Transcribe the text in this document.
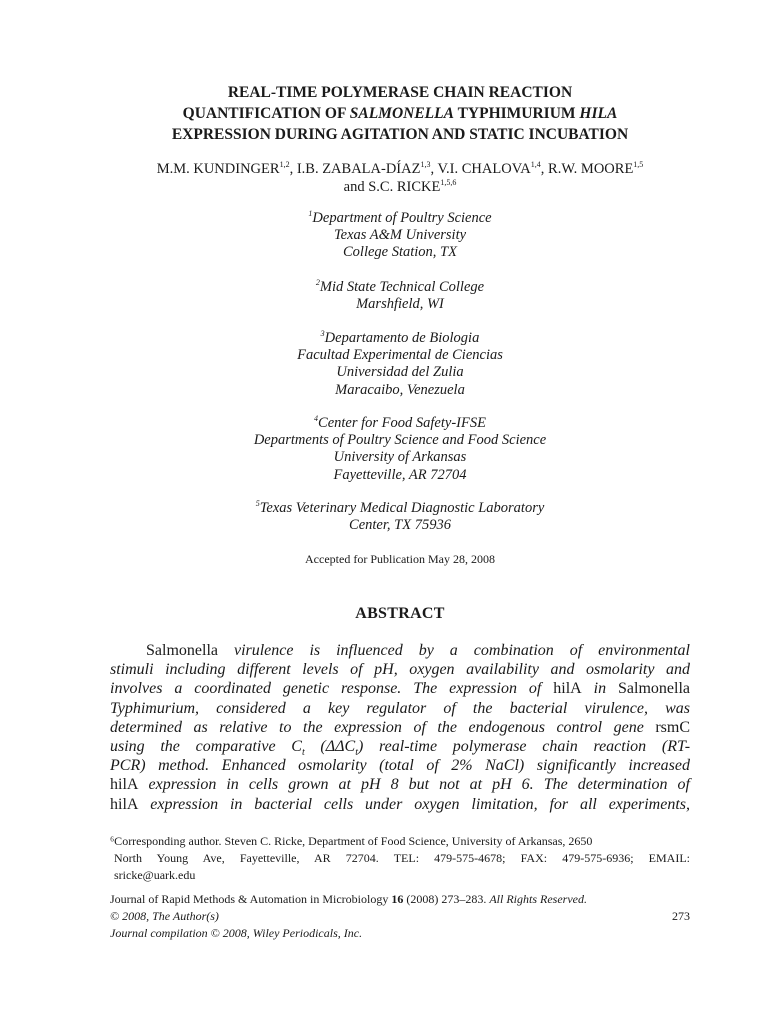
REAL-TIME POLYMERASE CHAIN REACTION
QUANTIFICATION OF SALMONELLA TYPHIMURIUM HILA
EXPRESSION DURING AGITATION AND STATIC INCUBATION
M.M. KUNDINGER$^{1,2}$, I.B. ZABALA-DÍAZ$^{1,3}$, V.I. CHALOVA$^{1,4}$, R.W. MOORE$^{1,5}$
and S.C. RICKE$^{1,5,6}$
$^1$Department of Poultry Science
Texas A&M University
College Station, TX
$^2$Mid State Technical College
Marshfield, WI
$^3$Departamento de Biologia
Facultad Experimental de Ciencias
Universidad del Zulia
Maracaibo, Venezuela
$^4$Center for Food Safety-IFSE
Departments of Poultry Science and Food Science
University of Arkansas
Fayetteville, AR 72704
$^5$Texas Veterinary Medical Diagnostic Laboratory
Center, TX 75936
Accepted for Publication May 28, 2008
ABSTRACT
Salmonella virulence is influenced by a combination of environmental
stimuli including different levels of pH, oxygen availability and osmolarity and
involves a coordinated genetic response. The expression of hilA in Salmonella
Typhimurium, considered a key regulator of the bacterial virulence, was
determined as relative to the expression of the endogenous control gene rsmC
using the comparative $C_t$ $(\Delta\Delta C_t)$ real-time polymerase chain reaction (RT-
PCR) method. Enhanced osmolarity (total of 2% NaCl) significantly increased
hilA expression in cells grown at pH 8 but not at pH 6. The determination of
hilA expression in bacterial cells under oxygen limitation, for all experiments,
⁶Corresponding author. Steven C. Ricke, Department of Food Science, University of Arkansas, 2650
North Young Ave, Fayetteville, AR 72704. TEL: 479-575-4678; FAX: 479-575-6936; EMAIL:
sricke@uark.edu
Journal of Rapid Methods & Automation in Microbiology 16 (2008) 273–283. All Rights Reserved.
© 2008, The Author(s)	273
Journal compilation © 2008, Wiley Periodicals, Inc.
